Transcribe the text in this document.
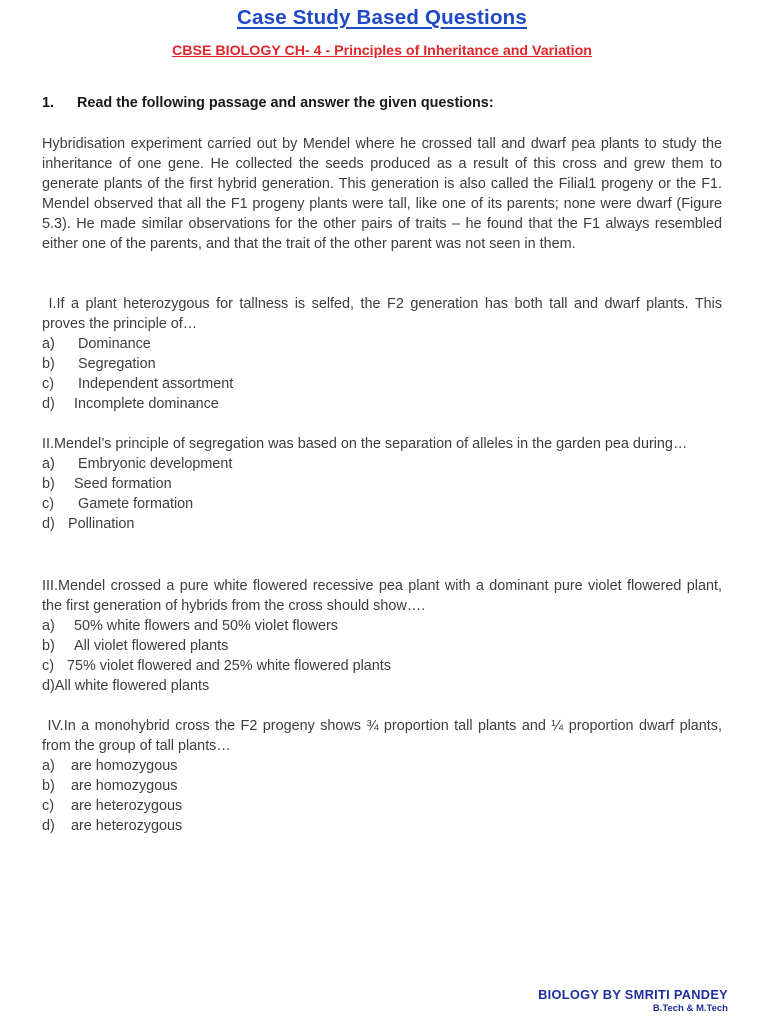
Case Study Based Questions
CBSE BIOLOGY CH- 4 - Principles of Inheritance and Variation
1. Read the following passage and answer the given questions:
Hybridisation experiment carried out by Mendel where he crossed tall and dwarf pea plants to study the inheritance of one gene. He collected the seeds produced as a result of this cross and grew them to generate plants of the first hybrid generation. This generation is also called the Filial1 progeny or the F1. Mendel observed that all the F1 progeny plants were tall, like one of its parents; none were dwarf (Figure 5.3). He made similar observations for the other pairs of traits – he found that the F1 always resembled either one of the parents, and that the trait of the other parent was not seen in them.
I.If a plant heterozygous for tallness is selfed, the F2 generation has both tall and dwarf plants. This proves the principle of…
a) Dominance
b) Segregation
c) Independent assortment
d) Incomplete dominance
II.Mendel’s principle of segregation was based on the separation of alleles in the garden pea during…
a) Embryonic development
b) Seed formation
c) Gamete formation
d) Pollination
III.Mendel crossed a pure white flowered recessive pea plant with a dominant pure violet flowered plant, the first generation of hybrids from the cross should show….
a) 50% white flowers and 50% violet flowers
b) All violet flowered plants
c) 75% violet flowered and 25% white flowered plants
d)All white flowered plants
IV.In a monohybrid cross the F2 progeny shows ¾ proportion tall plants and ¼ proportion dwarf plants, from the group of tall plants…
a) are homozygous
b) are homozygous
c) are heterozygous
d) are heterozygous
BIOLOGY BY SMRITI PANDEY
B.Tech & M.Tech
